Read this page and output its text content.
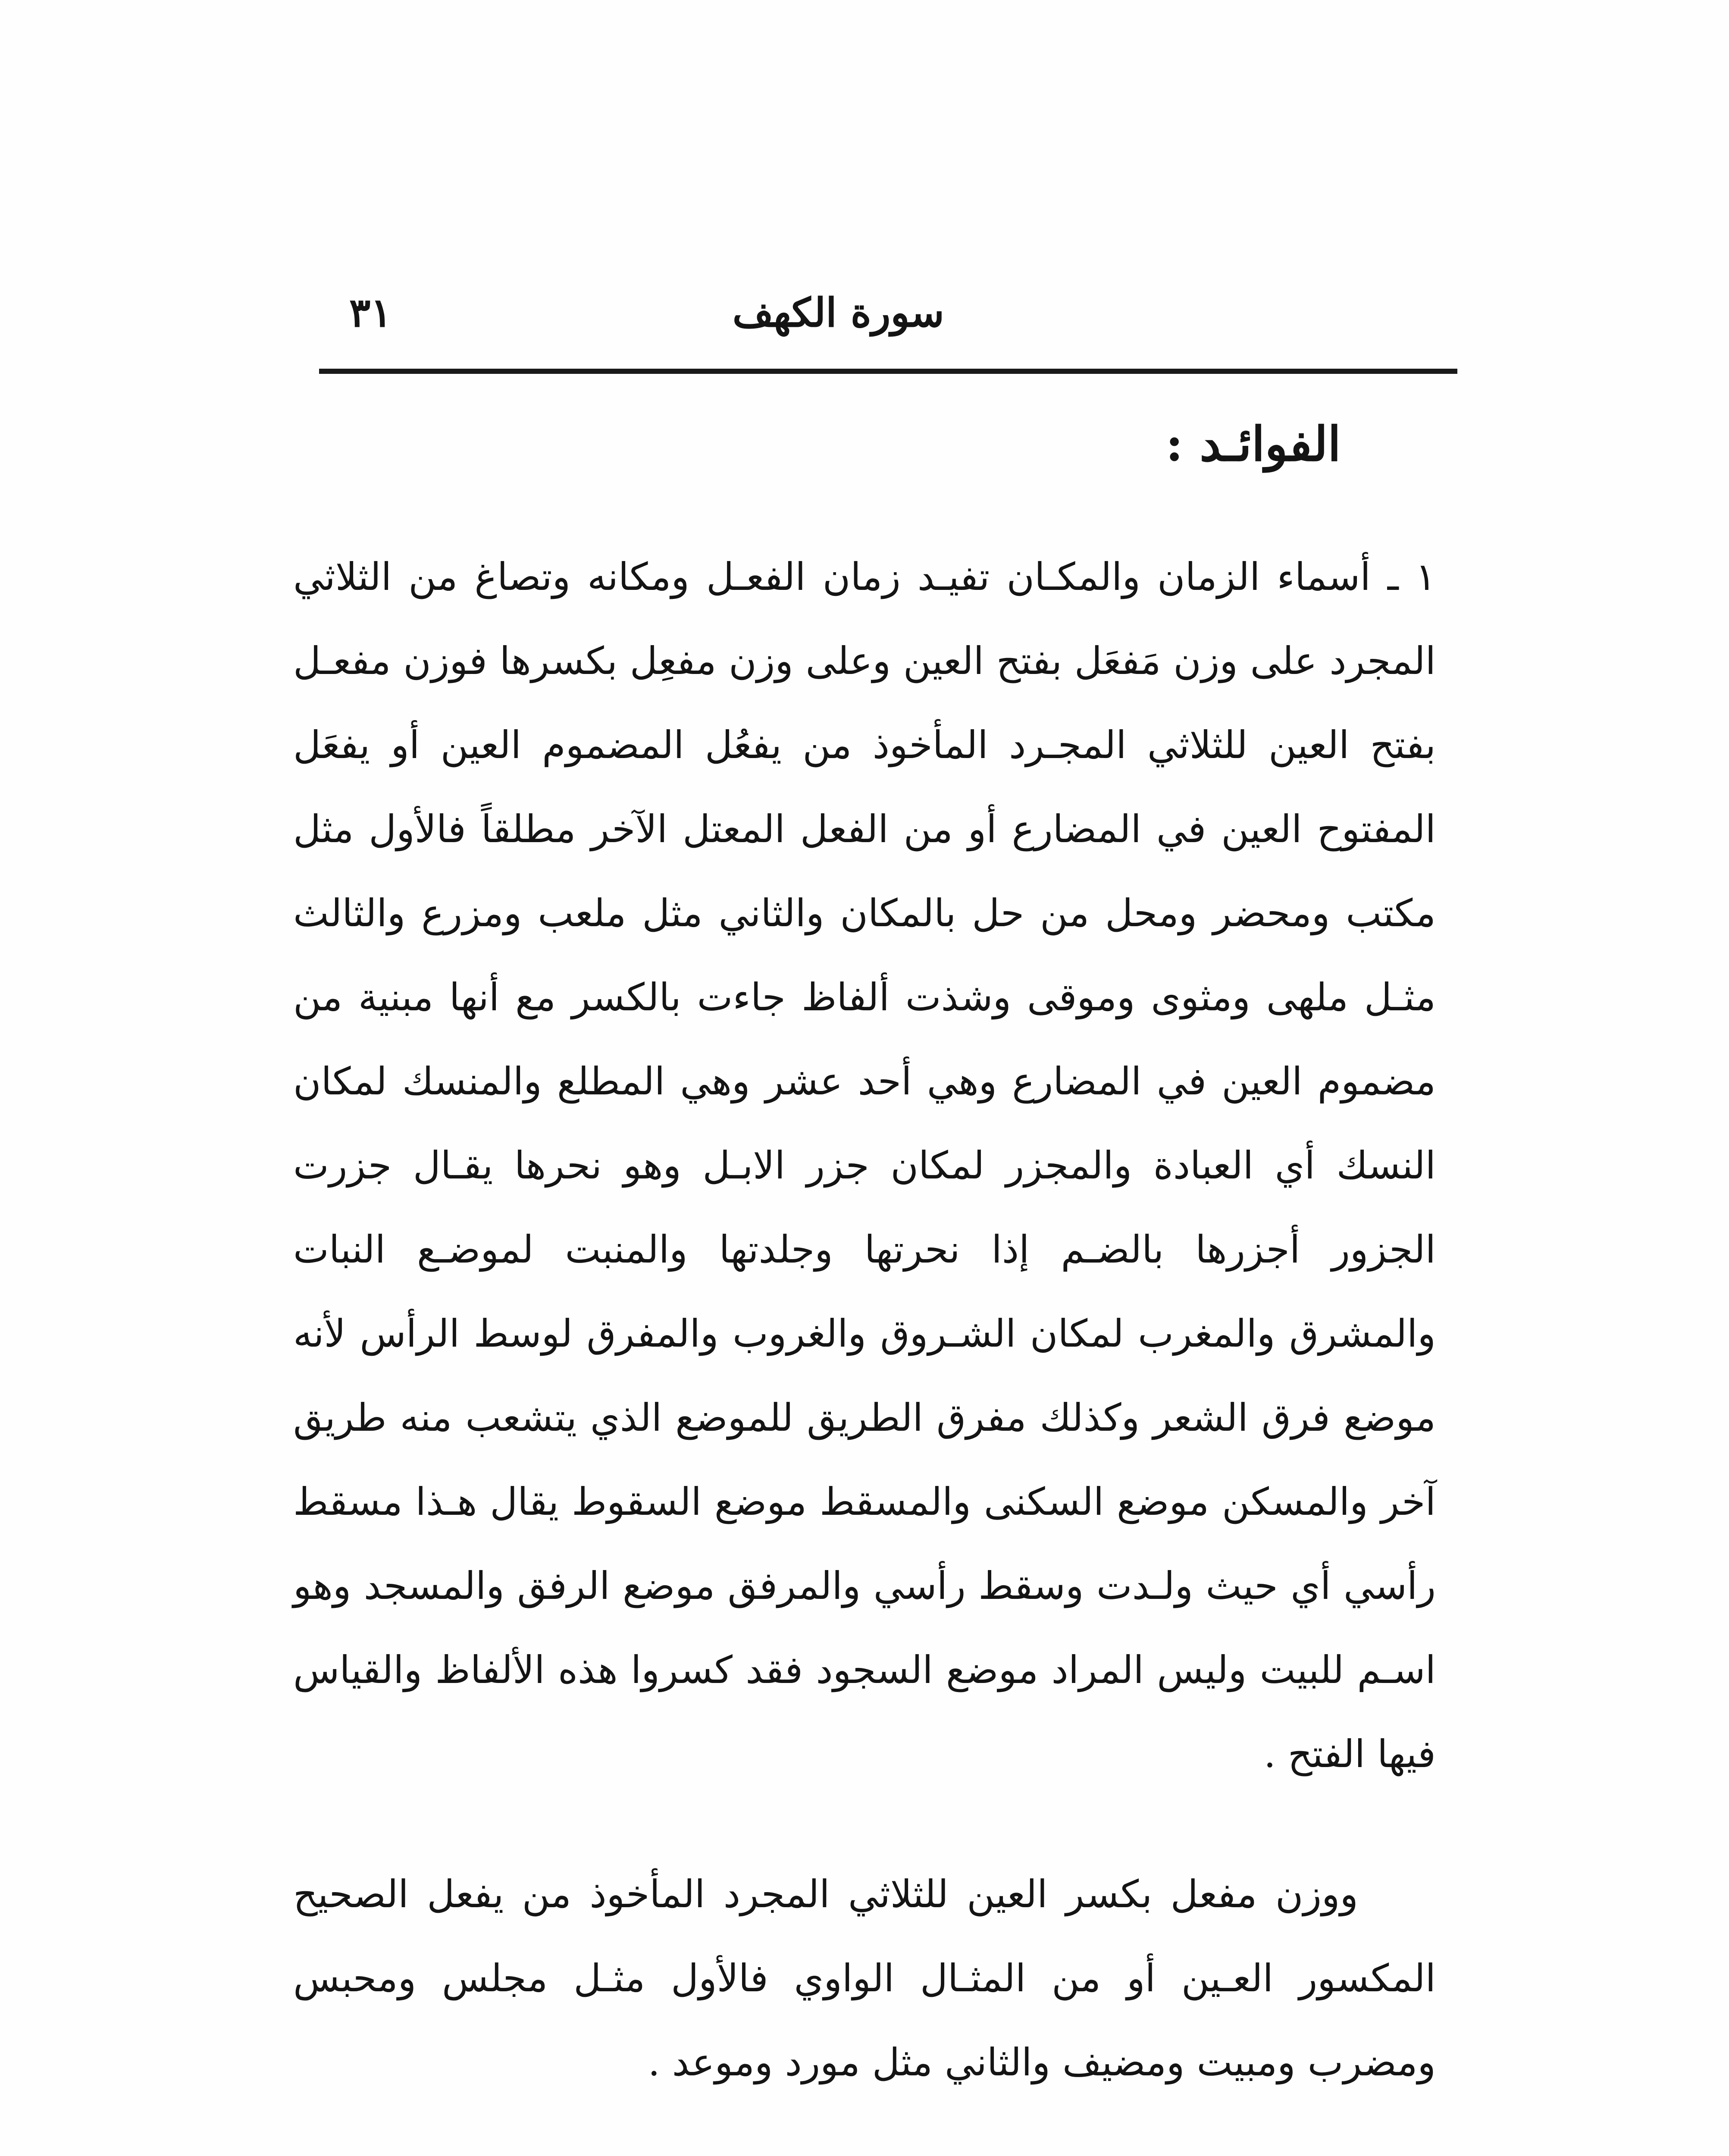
سورة الكهف
٣١
الفوائـد :

١ ـ أسماء الزمان والمكـان تفيـد زمان الفعـل ومكانه وتصاغ من الثلاثي المجرد على وزن مَفعَل بفتح العين وعلى وزن مفعِل بكسرها فوزن مفعـل بفتح العين للثلاثي المجـرد المأخوذ من يفعُل المضموم العين أو يفعَل المفتوح العين في المضارع أو من الفعل المعتل الآخر مطلقاً فالأول مثل مكتب ومحضر ومحل من حل بالمكان والثاني مثل ملعب ومزرع والثالث مثـل ملهى ومثوى وموقى وشذت ألفاظ جاءت بالكسر مع أنها مبنية من مضموم العين في المضارع وهي أحد عشر وهي المطلع والمنسك لمكان النسك أي العبادة والمجزر لمكان جزر الابـل وهو نحرها يقـال جزرت الجزور أجزرها بالضـم إذا نحرتها وجلدتها والمنبت لموضـع النبات والمشرق والمغرب لمكان الشـروق والغروب والمفرق لوسط الرأس لأنه موضع فرق الشعر وكذلك مفرق الطريق للموضع الذي يتشعب منه طريق آخر والمسكن موضع السكنى والمسقط موضع السقوط يقال هـذا مسقط رأسي أي حيث ولـدت وسقط رأسي والمرفق موضع الرفق والمسجد وهو اسـم للبيت وليس المراد موضع السجود فقد كسروا هذه الألفاظ والقياس فيها الفتح .

ووزن مفعل بكسر العين للثلاثي المجرد المأخوذ من يفعل الصحيح المكسور العـين أو من المثـال الواوي فالأول مثـل مجلس ومحبس ومضرب ومبيت ومضيف والثاني مثل مورد وموعد .
